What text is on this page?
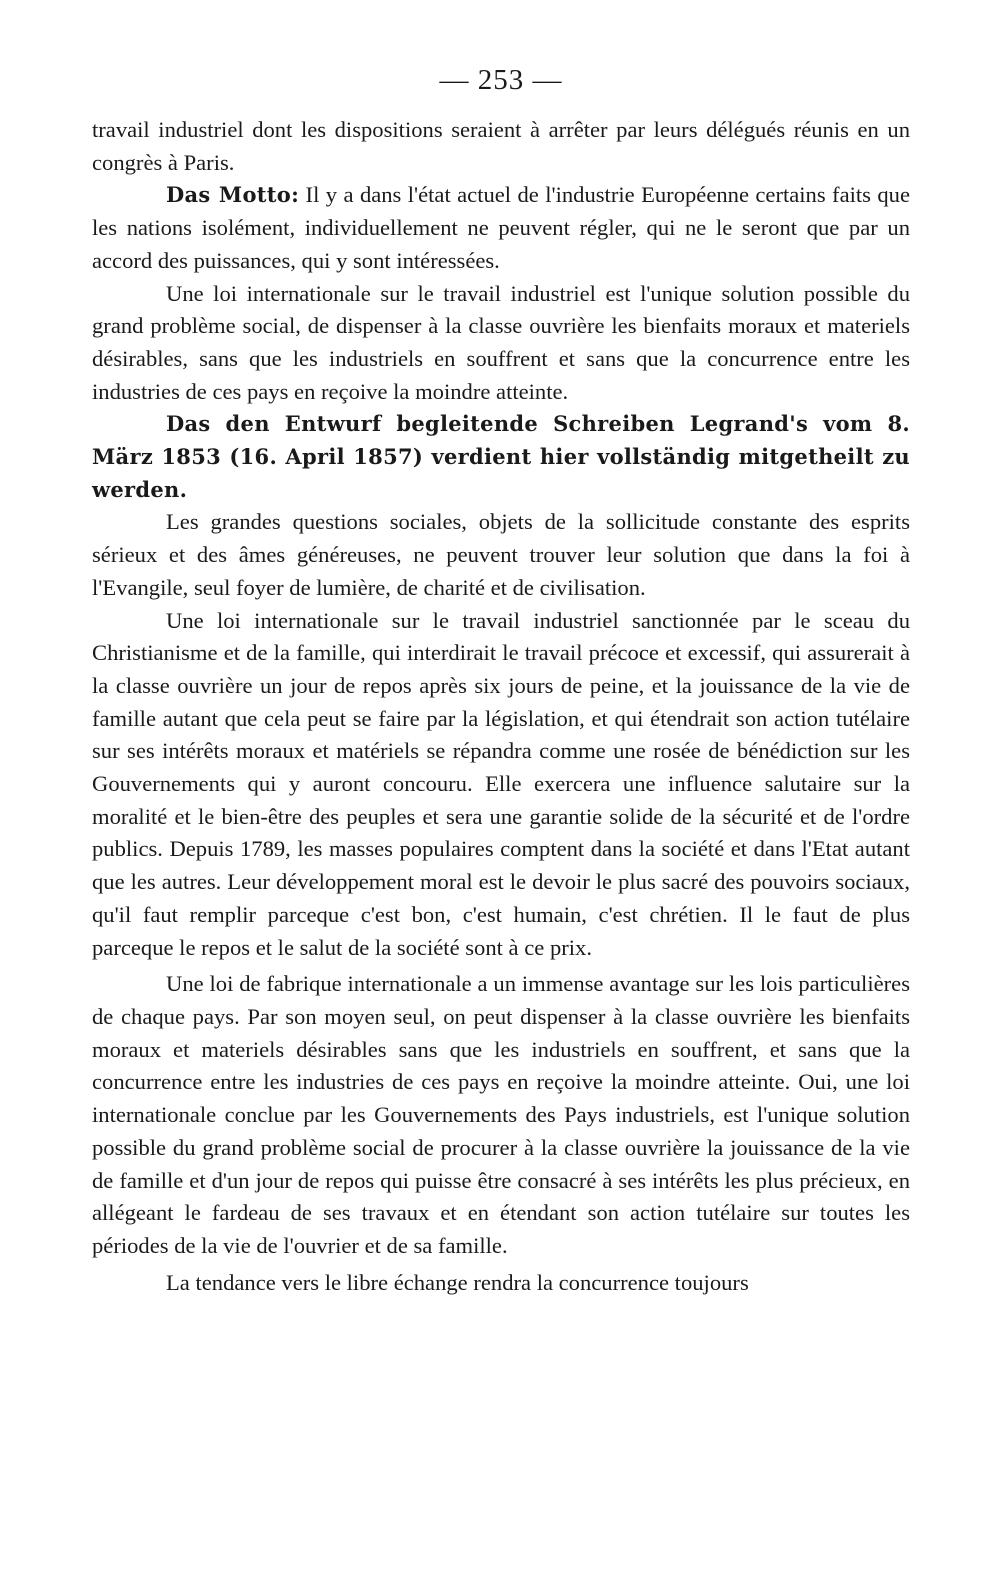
— 253 —

travail industriel dont les dispositions seraient à arrêter par leurs délégués réunis en un congrès à Paris.

Das Motto: Il y a dans l'état actuel de l'industrie Européenne certains faits que les nations isolément, individuellement ne peuvent régler, qui ne le seront que par un accord des puissances, qui y sont intéressées.

Une loi internationale sur le travail industriel est l'unique solution possible du grand problème social, de dispenser à la classe ouvrière les bienfaits moraux et materiels désirables, sans que les industriels en souffrent et sans que la concurrence entre les industries de ces pays en reçoive la moindre atteinte.

Das den Entwurf begleitende Schreiben Legrand's vom 8. März 1853 (16. April 1857) verdient hier vollständig mitgetheilt zu werden.

Les grandes questions sociales, objets de la sollicitude constante des esprits sérieux et des âmes généreuses, ne peuvent trouver leur solution que dans la foi à l'Evangile, seul foyer de lumière, de charité et de civilisation.

Une loi internationale sur le travail industriel sanctionnée par le sceau du Christianisme et de la famille, qui interdirait le travail précoce et excessif, qui assurerait à la classe ouvrière un jour de repos après six jours de peine, et la jouissance de la vie de famille autant que cela peut se faire par la législation, et qui étendrait son action tutélaire sur ses intérêts moraux et matériels se répandra comme une rosée de bénédiction sur les Gouvernements qui y auront concouru. Elle exercera une influence salutaire sur la moralité et le bien-être des peuples et sera une garantie solide de la sécurité et de l'ordre publics. Depuis 1789, les masses populaires comptent dans la société et dans l'Etat autant que les autres. Leur développement moral est le devoir le plus sacré des pouvoirs sociaux, qu'il faut remplir parceque c'est bon, c'est humain, c'est chrétien. Il le faut de plus parceque le repos et le salut de la société sont à ce prix.

Une loi de fabrique internationale a un immense avantage sur les lois particulières de chaque pays. Par son moyen seul, on peut dispenser à la classe ouvrière les bienfaits moraux et materiels désirables sans que les industriels en souffrent, et sans que la concurrence entre les industries de ces pays en reçoive la moindre atteinte. Oui, une loi internationale conclue par les Gouvernements des Pays industriels, est l'unique solution possible du grand problème social de procurer à la classe ouvrière la jouissance de la vie de famille et d'un jour de repos qui puisse être consacré à ses intérêts les plus précieux, en allégeant le fardeau de ses travaux et en étendant son action tutélaire sur toutes les périodes de la vie de l'ouvrier et de sa famille.

La tendance vers le libre échange rendra la concurrence toujours
